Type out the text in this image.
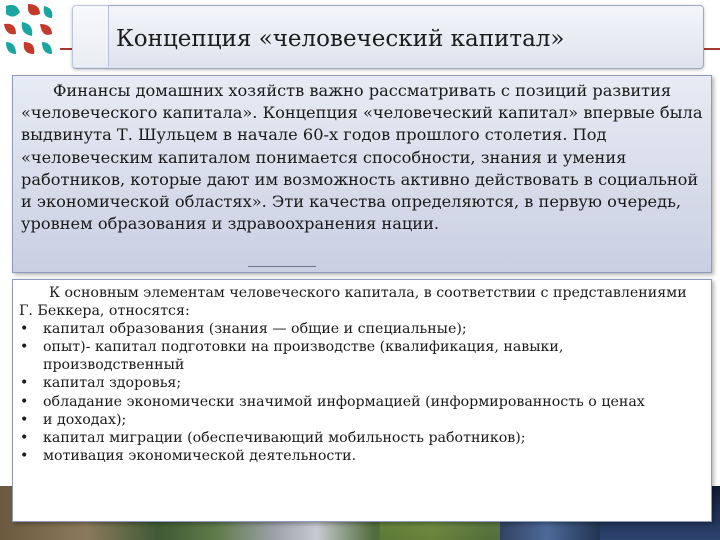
Концепция «человеческий капитал»

Финансы домашних хозяйств важно рассматривать с позиций развития «человеческого капитала». Концепция «человеческий капитал» впервые была выдвинута Т. Шульцем в начале 60-х годов прошлого столетия. Под «человеческим капиталом понимается способности, знания и умения работников, которые дают им возможность активно действовать в социальной и экономической областях». Эти качества определяются, в первую очередь, уровнем образования и здравоохранения нации.

К основным элементам человеческого капитала, в соответствии с представлениями Г. Беккера, относятся:

• капитал образования (знания — общие и специальные);
• опыт)- капитал подготовки на производстве (квалификация, навыки, производственный
• капитал здоровья;
• обладание экономически значимой информацией (информированность о ценах
• и доходах);
• капитал миграции (обеспечивающий мобильность работников);
• мотивация экономической деятельности.
6
